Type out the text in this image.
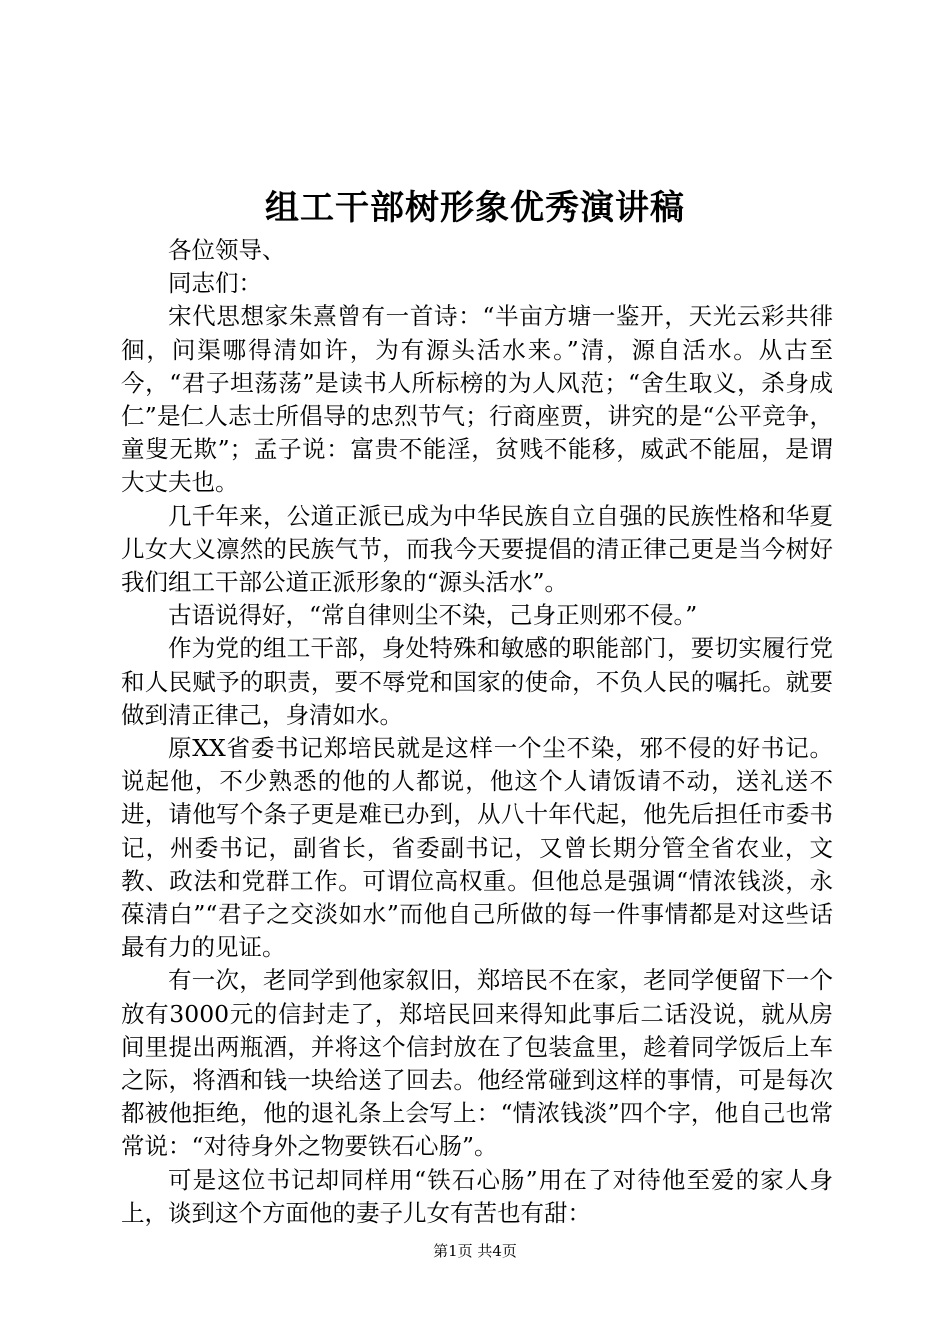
组工干部树形象优秀演讲稿

各位领导、

同志们：

宋代思想家朱熹曾有一首诗：“半亩方塘一鉴开，天光云彩共徘徊，问渠哪得清如许，为有源头活水来。”清，源自活水。从古至今，“君子坦荡荡”是读书人所标榜的为人风范；“舍生取义，杀身成仁”是仁人志士所倡导的忠烈节气；行商座贾，讲究的是“公平竞争，童叟无欺”；孟子说：富贵不能淫，贫贱不能移，威武不能屈，是谓大丈夫也。

几千年来，公道正派已成为中华民族自立自强的民族性格和华夏儿女大义凛然的民族气节，而我今天要提倡的清正律己更是当今树好我们组工干部公道正派形象的“源头活水”。

古语说得好，“常自律则尘不染，己身正则邪不侵。”

作为党的组工干部，身处特殊和敏感的职能部门，要切实履行党和人民赋予的职责，要不辱党和国家的使命，不负人民的嘱托。就要做到清正律己，身清如水。

原XX省委书记郑培民就是这样一个尘不染，邪不侵的好书记。说起他，不少熟悉的他的人都说，他这个人请饭请不动，送礼送不进，请他写个条子更是难已办到，从八十年代起，他先后担任市委书记，州委书记，副省长，省委副书记，又曾长期分管全省农业，文教、政法和党群工作。可谓位高权重。但他总是强调“情浓钱淡，永葆清白”“君子之交淡如水”而他自己所做的每一件事情都是对这些话最有力的见证。

有一次，老同学到他家叙旧，郑培民不在家，老同学便留下一个放有3000元的信封走了，郑培民回来得知此事后二话没说，就从房间里提出两瓶酒，并将这个信封放在了包装盒里，趁着同学饭后上车之际，将酒和钱一块给送了回去。他经常碰到这样的事情，可是每次都被他拒绝，他的退礼条上会写上：“情浓钱淡”四个字，他自己也常常说：“对待身外之物要铁石心肠”。

可是这位书记却同样用“铁石心肠”用在了对待他至爱的家人身上，谈到这个方面他的妻子儿女有苦也有甜：

第1页 共4页
